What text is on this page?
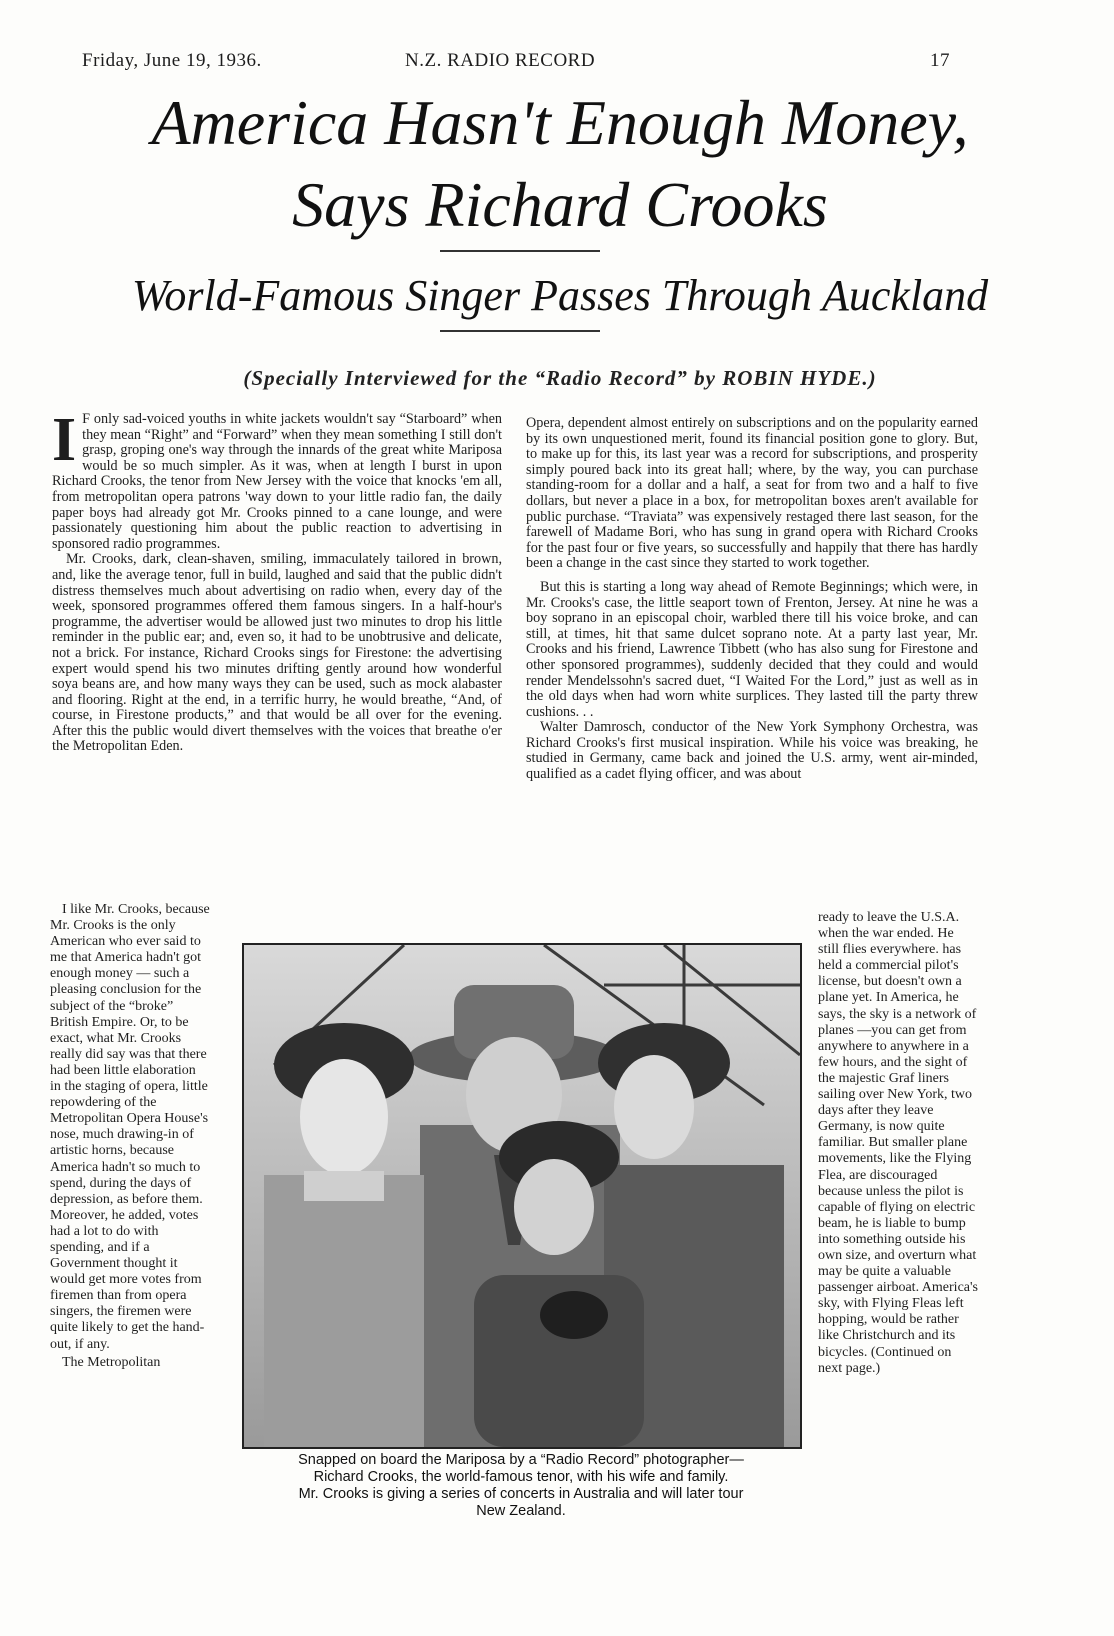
Friday, June 19, 1936.	N.Z. RADIO RECORD	17
America Hasn't Enough Money,
Says Richard Crooks
World-Famous Singer Passes Through Auckland
(Specially Interviewed for the “Radio Record” by ROBIN HYDE.)

I F only sad-voiced youths in white jackets wouldn't say “Starboard” when they mean “Right” and “Forward” when they mean something I still don't grasp, groping one's way through the innards of the great white Mariposa would be so much simpler. As it was, when at length I burst in upon Richard Crooks, the tenor from New Jersey with the voice that knocks 'em all, from metropolitan opera patrons 'way down to your little radio fan, the daily paper boys had already got Mr. Crooks pinned to a cane lounge, and were passionately questioning him about the public reaction to advertising in sponsored radio programmes.

Mr. Crooks, dark, clean-shaven, smiling, immaculately tailored in brown, and, like the average tenor, full in build, laughed and said that the public didn't distress themselves much about advertising on radio when, every day of the week, sponsored programmes offered them famous singers. In a half-hour's programme, the advertiser would be allowed just two minutes to drop his little reminder in the public ear; and, even so, it had to be unobtrusive and delicate, not a brick. For instance, Richard Crooks sings for Firestone: the advertising expert would spend his two minutes drifting gently around how wonderful soya beans are, and how many ways they can be used, such as mock alabaster and flooring. Right at the end, in a terrific hurry, he would breathe, “And, of course, in Firestone products,” and that would be all over for the evening. After this the public would divert themselves with the voices that breathe o'er the Metropolitan Eden.

Opera, dependent almost entirely on subscriptions and on the popularity earned by its own unquestioned merit, found its financial position gone to glory. But, to make up for this, its last year was a record for subscriptions, and prosperity simply poured back into its great hall; where, by the way, you can purchase standing-room for a dollar and a half, a seat for from two and a half to five dollars, but never a place in a box, for metropolitan boxes aren't available for public purchase. “Traviata” was expensively restaged there last season, for the farewell of Madame Bori, who has sung in grand opera with Richard Crooks for the past four or five years, so successfully and happily that there has hardly been a change in the cast since they started to work together.

But this is starting a long way ahead of Remote Beginnings; which were, in Mr. Crooks's case, the little seaport town of Frenton, Jersey. At nine he was a boy soprano in an episcopal choir, warbled there till his voice broke, and can still, at times, hit that same dulcet soprano note. At a party last year, Mr. Crooks and his friend, Lawrence Tibbett (who has also sung for Firestone and other sponsored programmes), suddenly decided that they could and would render Mendelssohn's sacred duet, “I Waited For the Lord,” just as well as in the old days when had worn white surplices. They lasted till the party threw cushions. . .

Walter Damrosch, conductor of the New York Symphony Orchestra, was Richard Crooks's first musical inspiration. While his voice was breaking, he studied in Germany, came back and joined the U.S. army, went air-minded, qualified as a cadet flying officer, and was about

I like Mr. Crooks, because Mr. Crooks is the only American who ever said to me that America hadn't got enough money — such a pleasing conclusion for the subject of the “broke” British Empire. Or, to be exact, what Mr. Crooks really did say was that there had been little elaboration in the staging of opera, little repowdering of the Metropolitan Opera House's nose, much drawing-in of artistic horns, because America hadn't so much to spend, during the days of depression, as before them. Moreover, he added, votes had a lot to do with spending, and if a Government thought it would get more votes from firemen than from opera singers, the firemen were quite likely to get the hand-out, if any.

The Metropolitan

ready to leave the U.S.A. when the war ended. He still flies everywhere. has held a commercial pilot's license, but doesn't own a plane yet. In America, he says, the sky is a network of planes —you can get from anywhere to anywhere in a few hours, and the sight of the majestic Graf liners sailing over New York, two days after they leave Germany, is now quite familiar. But smaller plane movements, like the Flying Flea, are discouraged because unless the pilot is capable of flying on electric beam, he is liable to bump into something outside his own size, and overturn what may be quite a valuable passenger airboat. America's sky, with Flying Fleas left hopping, would be rather like Christchurch and its bicycles. (Continued on next page.)

Snapped on board the Mariposa by a “Radio Record” photographer—
Richard Crooks, the world-famous tenor, with his wife and family.
Mr. Crooks is giving a series of concerts in Australia and will later tour
New Zealand.
